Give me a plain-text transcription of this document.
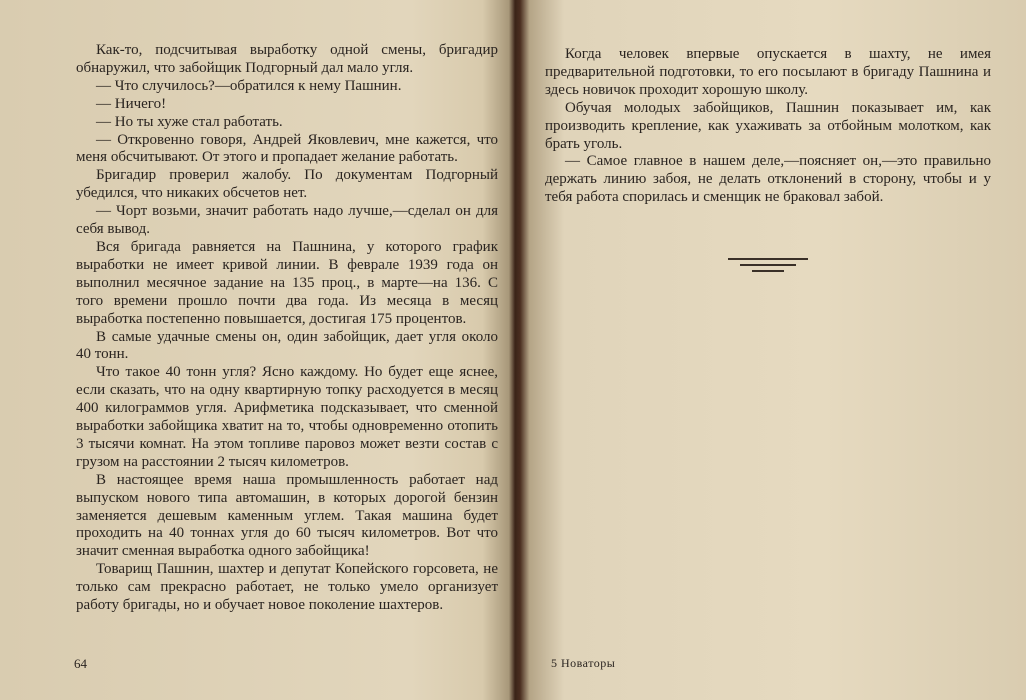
Как-то, подсчитывая выработку одной смены, бригадир обнаружил, что забойщик Подгорный дал мало угля.

— Что случилось?—обратился к нему Пашнин.

— Ничего!

— Но ты хуже стал работать.

— Откровенно говоря, Андрей Яковлевич, мне кажется, что меня обсчитывают. От этого и пропадает желание работать.

Бригадир проверил жалобу. По документам Подгорный убедился, что никаких обсчетов нет.

— Чорт возьми, значит работать надо лучше,—сделал он для себя вывод.

Вся бригада равняется на Пашнина, у которого график выработки не имеет кривой линии. В феврале 1939 года он выполнил месячное задание на 135 проц., в марте—на 136. С того времени прошло почти два года. Из месяца в месяц выработка постепенно повышается, достигая 175 процентов.

В самые удачные смены он, один забойщик, дает угля около 40 тонн.

Что такое 40 тонн угля? Ясно каждому. Но будет еще яснее, если сказать, что на одну квартирную топку расходуется в месяц 400 килограммов угля. Арифметика подсказывает, что сменной выработки забойщика хватит на то, чтобы одновременно отопить 3 тысячи комнат. На этом топливе паровоз может везти состав с грузом на расстоянии 2 тысяч километров.

В настоящее время наша промышленность работает над выпуском нового типа автомашин, в которых дорогой бензин заменяется дешевым каменным углем. Такая машина будет проходить на 40 тоннах угля до 60 тысяч километров. Вот что значит сменная выработка одного забойщика!

Товарищ Пашнин, шахтер и депутат Копейского горсовета, не только сам прекрасно работает, не только умело организует работу бригады, но и обучает новое поколение шахтеров.

64

Когда человек впервые опускается в шахту, не имея предварительной подготовки, то его посылают в бригаду Пашнина и здесь новичок проходит хорошую школу.

Обучая молодых забойщиков, Пашнин показывает им, как производить крепление, как ухаживать за отбойным молотком, как брать уголь.

— Самое главное в нашем деле,—поясняет он,—это правильно держать линию забоя, не делать отклонений в сторону, чтобы и у тебя работа спорилась и сменщик не браковал забой.

5 Новаторы
